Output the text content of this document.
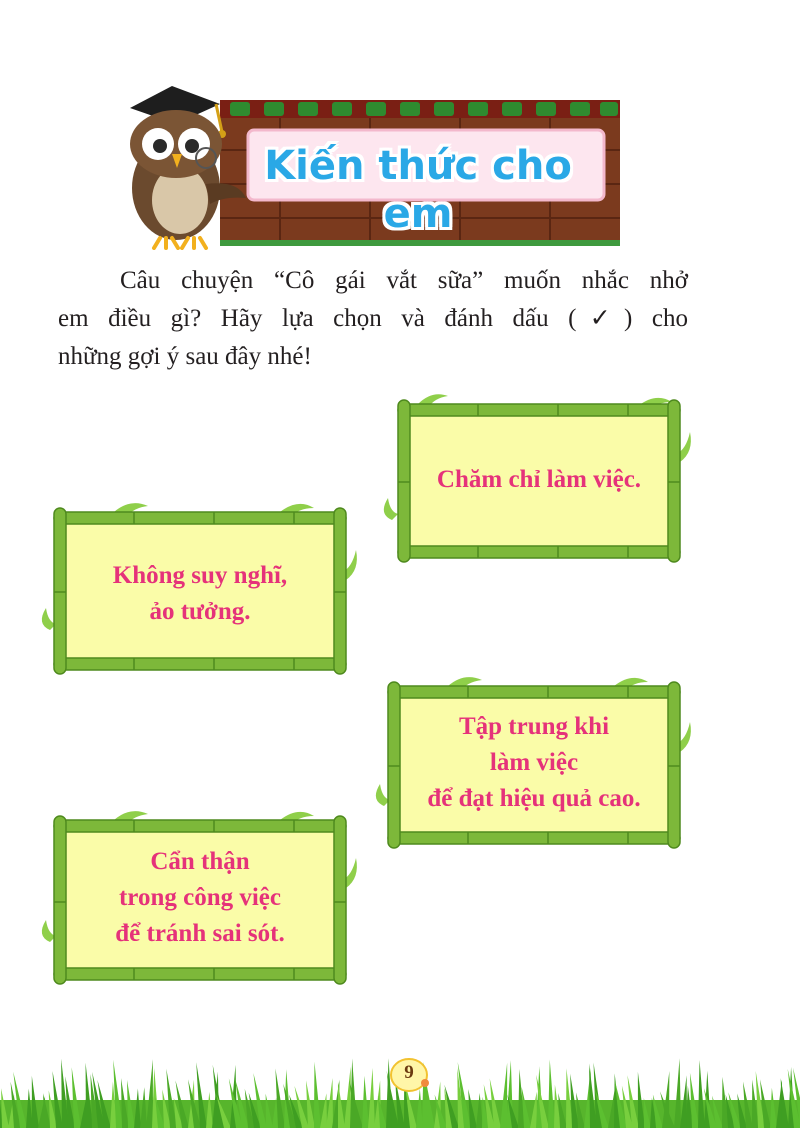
Kiến thức cho em
Câu chuyện “Cô gái vắt sữa” muốn nhắc nhở
em điều gì? Hãy lựa chọn và đánh dấu (✓) cho
những gợi ý sau đây nhé!
Chăm chỉ làm việc.
Không suy nghĩ,
ảo tưởng.
Tập trung khi
làm việc
để đạt hiệu quả cao.
Cẩn thận
trong công việc
để tránh sai sót.
9
